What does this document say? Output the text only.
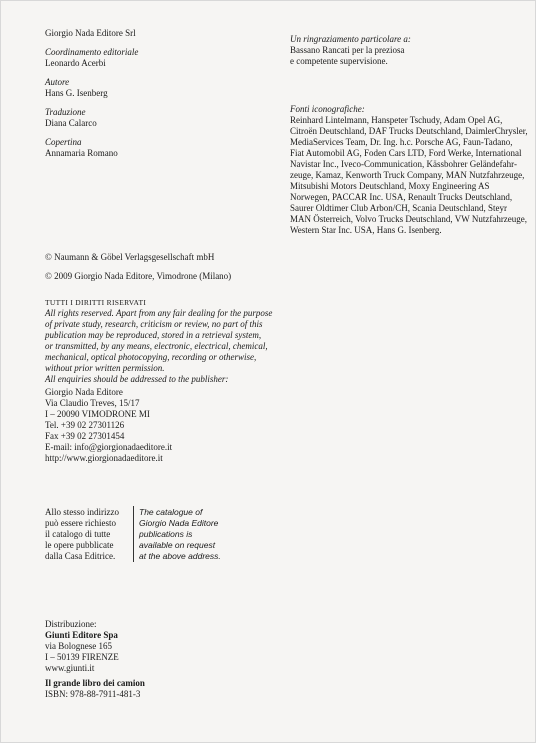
Giorgio Nada Editore Srl
Coordinamento editoriale
Leonardo Acerbi
Autore
Hans G. Isenberg
Traduzione
Diana Calarco
Copertina
Annamaria Romano
Un ringraziamento particolare a:
Bassano Rancati per la preziosa
e competente supervisione.
Fonti iconografiche:
Reinhard Lintelmann, Hanspeter Tschudy, Adam Opel AG,
Citroën Deutschland, DAF Trucks Deutschland, DaimlerChrysler,
MediaServices Team, Dr. Ing. h.c. Porsche AG, Faun-Tadano,
Fiat Automobil AG, Foden Cars LTD, Ford Werke, International
Navistar Inc., Iveco-Communication, Kässbohrer Geländefahr-
zeuge, Kamaz, Kenworth Truck Company, MAN Nutzfahrzeuge,
Mitsubishi Motors Deutschland, Moxy Engineering AS
Norwegen, PACCAR Inc. USA, Renault Trucks Deutschland,
Saurer Oldtimer Club Arbon/CH, Scania Deutschland, Steyr
MAN Österreich, Volvo Trucks Deutschland, VW Nutzfahrzeuge,
Western Star Inc. USA, Hans G. Isenberg.
© Naumann & Göbel Verlagsgesellschaft mbH
© 2009 Giorgio Nada Editore, Vimodrone (Milano)
TUTTI I DIRITTI RISERVATI
All rights reserved. Apart from any fair dealing for the purpose
of private study, research, criticism or review, no part of this
publication may be reproduced, stored in a retrieval system,
or transmitted, by any means, electronic, electrical, chemical,
mechanical, optical photocopying, recording or otherwise,
without prior written permission.
All enquiries should be addressed to the publisher:
Giorgio Nada Editore
Via Claudio Treves, 15/17
I – 20090 VIMODRONE MI
Tel. +39 02 27301126
Fax +39 02 27301454
E-mail: info@giorgionadaeditore.it
http://www.giorgionadaeditore.it
Allo stesso indirizzo
può essere richiesto
il catalogo di tutte
le opere pubblicate
dalla Casa Editrice.
The catalogue of
Giorgio Nada Editore
publications is
available on request
at the above address.
Distribuzione:
Giunti Editore Spa
via Bolognese 165
I – 50139 FIRENZE
www.giunti.it
Il grande libro dei camion
ISBN: 978-88-7911-481-3
